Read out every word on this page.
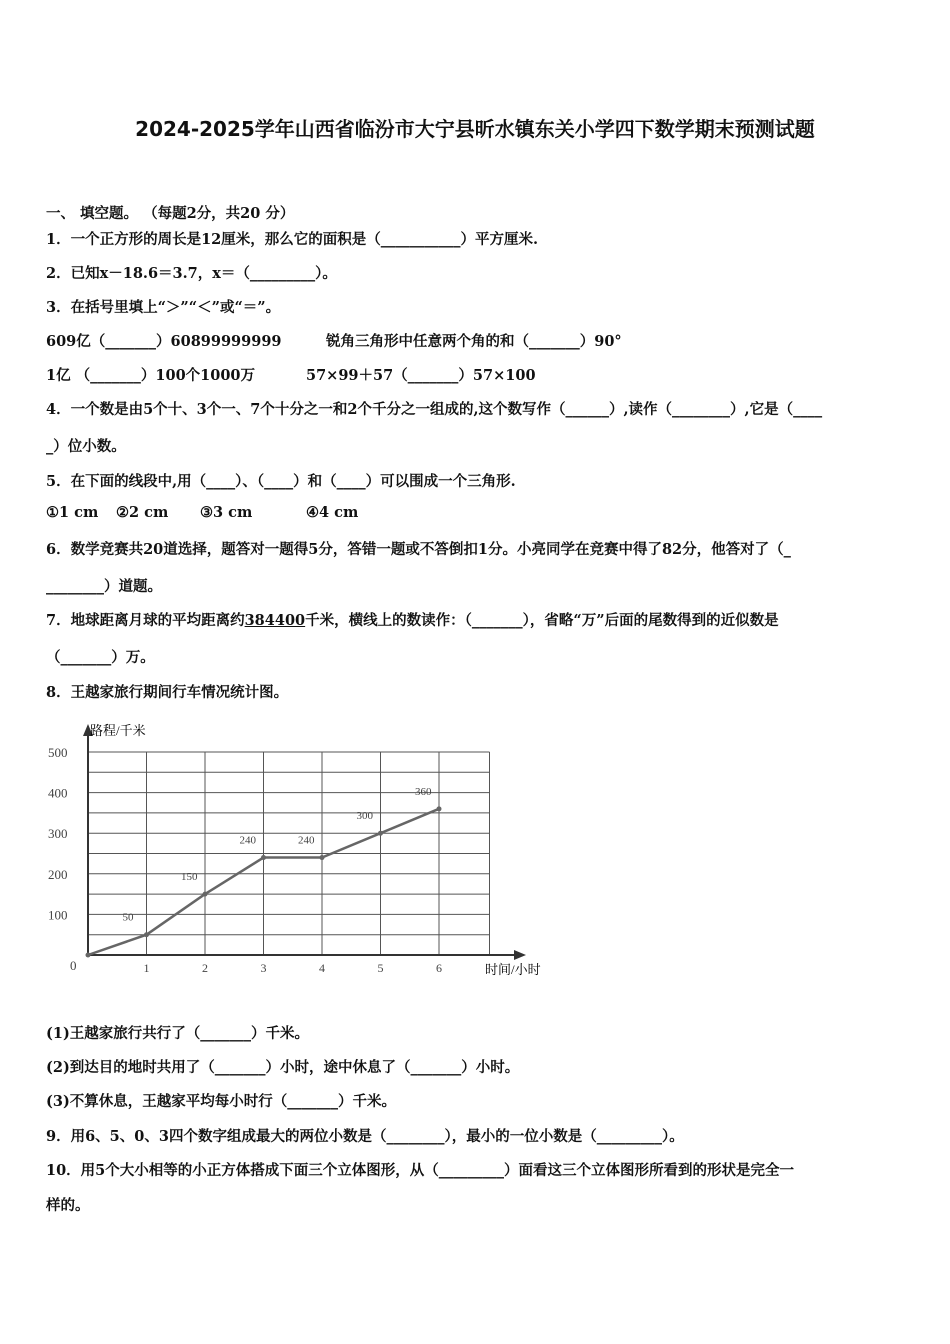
2024-2025学年山西省临汾市大宁县昕水镇东关小学四下数学期末预测试题
一、 填空题。 （每题2分，共20 分）
1．一个正方形的周长是12厘米，那么它的面积是（___________）平方厘米.
2．已知x－18.6＝3.7，x＝（_________）。
3．在括号里填上“＞”“＜”或“＝”。
609亿（_______）60899999999	锐角三角形中任意两个角的和（_______）90°
1亿 （_______）100个1000万	57×99＋57（_______）57×100
4．一个数是由5个十、3个一、7个十分之一和2个千分之一组成的,这个数写作（______）,读作（________）,它是（____
_）位小数。
5．在下面的线段中,用（____）、（____）和（____）可以围成一个三角形.
①1 cm ②2 cm ③3 cm	④4 cm
6．数学竞赛共20道选择，题答对一题得5分，答错一题或不答倒扣1分。小亮同学在竞赛中得了82分，他答对了（_
________）道题。
7．地球距离月球的平均距离约384400千米，横线上的数读作：（_______），省略“万”后面的尾数得到的近似数是
（_______）万。
8．王越家旅行期间行车情况统计图。
100
200
300
400
500
1	2	3	4	5	6
50
150
240	240
300
360
路程/千米
时间/小时
0
(1)王越家旅行共行了（_______）千米。
(2)到达目的地时共用了（_______）小时，途中休息了（_______）小时。
(3)不算休息，王越家平均每小时行（_______）千米。
9．用6、5、0、3四个数字组成最大的两位小数是（________），最小的一位小数是（_________）。
10．用5个大小相等的小正方体搭成下面三个立体图形，从（_________）面看这三个立体图形所看到的形状是完全一
样的。
